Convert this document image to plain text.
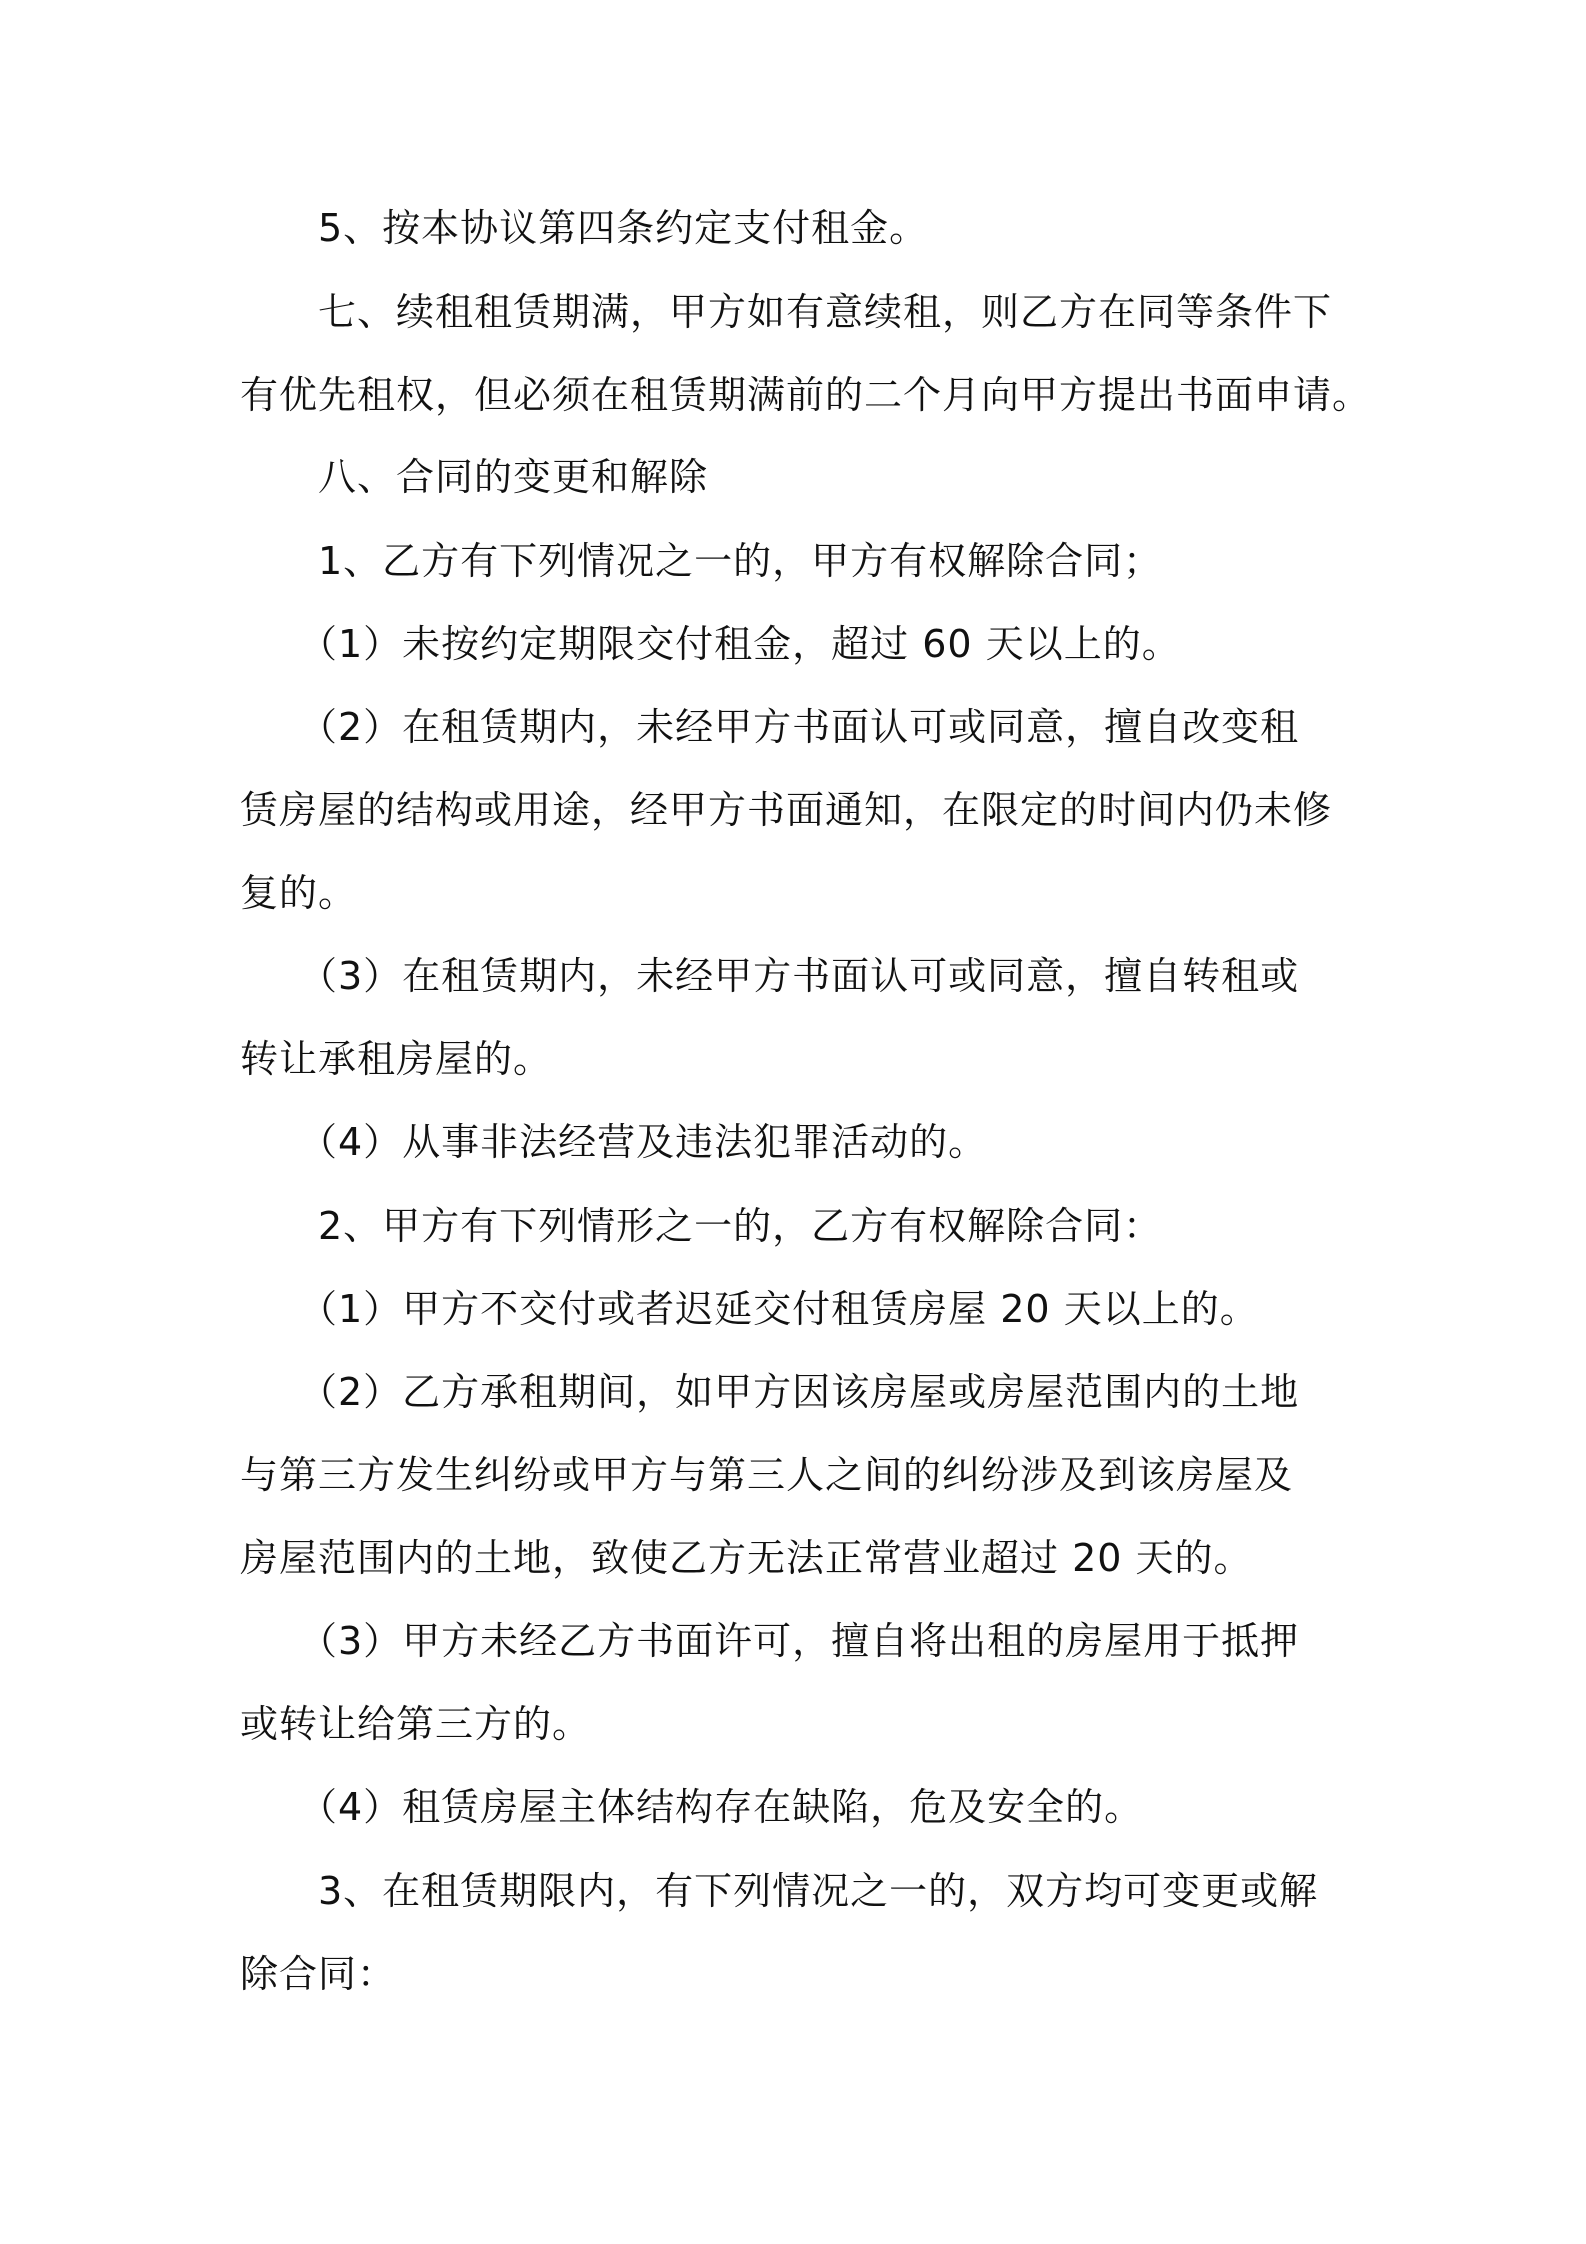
　　5、按本协议第四条约定支付租金。
　　七、续租租赁期满，甲方如有意续租，则乙方在同等条件下
有优先租权，但必须在租赁期满前的二个月向甲方提出书面申请。
　　八、合同的变更和解除
　　1、乙方有下列情况之一的，甲方有权解除合同；
　　（1）未按约定期限交付租金，超过 60 天以上的。
　　（2）在租赁期内，未经甲方书面认可或同意，擅自改变租
赁房屋的结构或用途，经甲方书面通知，在限定的时间内仍未修
复的。
　　（3）在租赁期内，未经甲方书面认可或同意，擅自转租或
转让承租房屋的。
　　（4）从事非法经营及违法犯罪活动的。
　　2、甲方有下列情形之一的，乙方有权解除合同：
　　（1）甲方不交付或者迟延交付租赁房屋 20 天以上的。
　　（2）乙方承租期间，如甲方因该房屋或房屋范围内的土地
与第三方发生纠纷或甲方与第三人之间的纠纷涉及到该房屋及
房屋范围内的土地，致使乙方无法正常营业超过 20 天的。
　　（3）甲方未经乙方书面许可，擅自将出租的房屋用于抵押
或转让给第三方的。
　　（4）租赁房屋主体结构存在缺陷，危及安全的。
　　3、在租赁期限内，有下列情况之一的，双方均可变更或解
除合同：
